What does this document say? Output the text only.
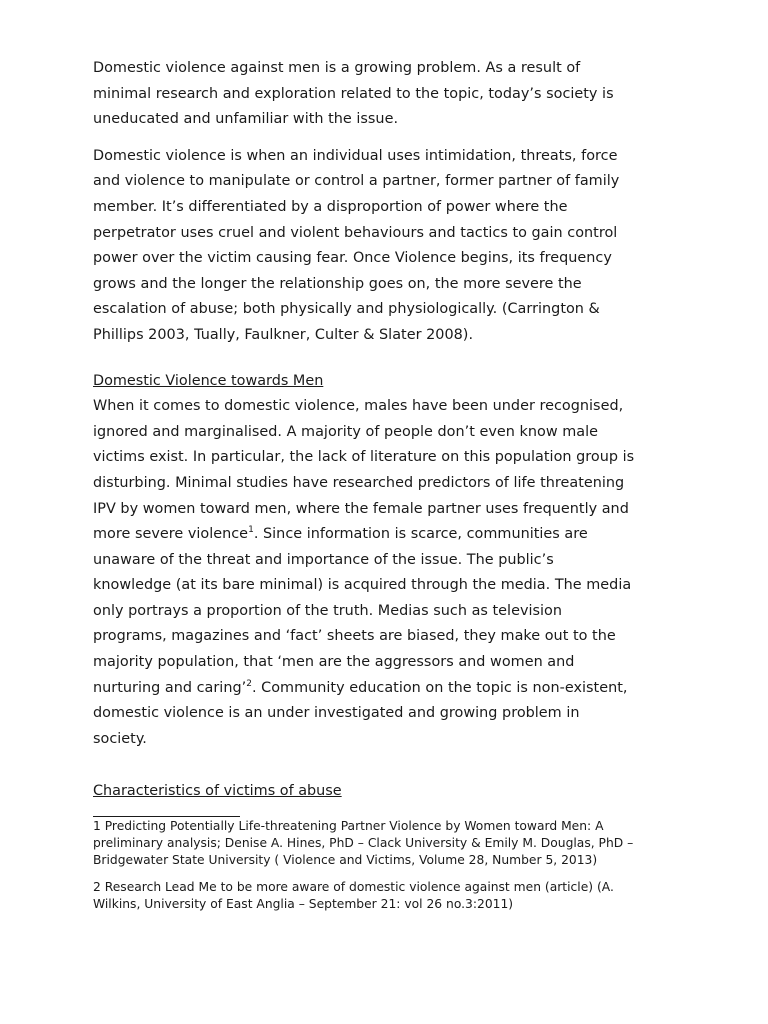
Domestic violence against men is a growing problem. As a result of
minimal research and exploration related to the topic, today’s society is
uneducated and unfamiliar with the issue.

Domestic violence is when an individual uses intimidation, threats, force
and violence to manipulate or control a partner, former partner of family
member. It’s differentiated by a disproportion of power where the
perpetrator uses cruel and violent behaviours and tactics to gain control
power over the victim causing fear. Once Violence begins, its frequency
grows and the longer the relationship goes on, the more severe the
escalation of abuse; both physically and physiologically. (Carrington &
Phillips 2003, Tually, Faulkner, Culter & Slater 2008).

Domestic Violence towards Men

When it comes to domestic violence, males have been under recognised,
ignored and marginalised. A majority of people don’t even know male
victims exist. In particular, the lack of literature on this population group is
disturbing. Minimal studies have researched predictors of life threatening
IPV by women toward men, where the female partner uses frequently and
more severe violence$^1$. Since information is scarce, communities are
unaware of the threat and importance of the issue. The public’s
knowledge (at its bare minimal) is acquired through the media. The media
only portrays a proportion of the truth. Medias such as television
programs, magazines and ‘fact’ sheets are biased, they make out to the
majority population, that ‘men are the aggressors and women and
nurturing and caring’$^2$. Community education on the topic is non-existent,
domestic violence is an under investigated and growing problem in
society.

Characteristics of victims of abuse

1 Predicting Potentially Life-threatening Partner Violence by Women toward Men: A
preliminary analysis; Denise A. Hines, PhD – Clack University & Emily M. Douglas, PhD –
Bridgewater State University ( Violence and Victims, Volume 28, Number 5, 2013)

2 Research Lead Me to be more aware of domestic violence against men (article) (A.
Wilkins, University of East Anglia – September 21: vol 26 no.3:2011)
